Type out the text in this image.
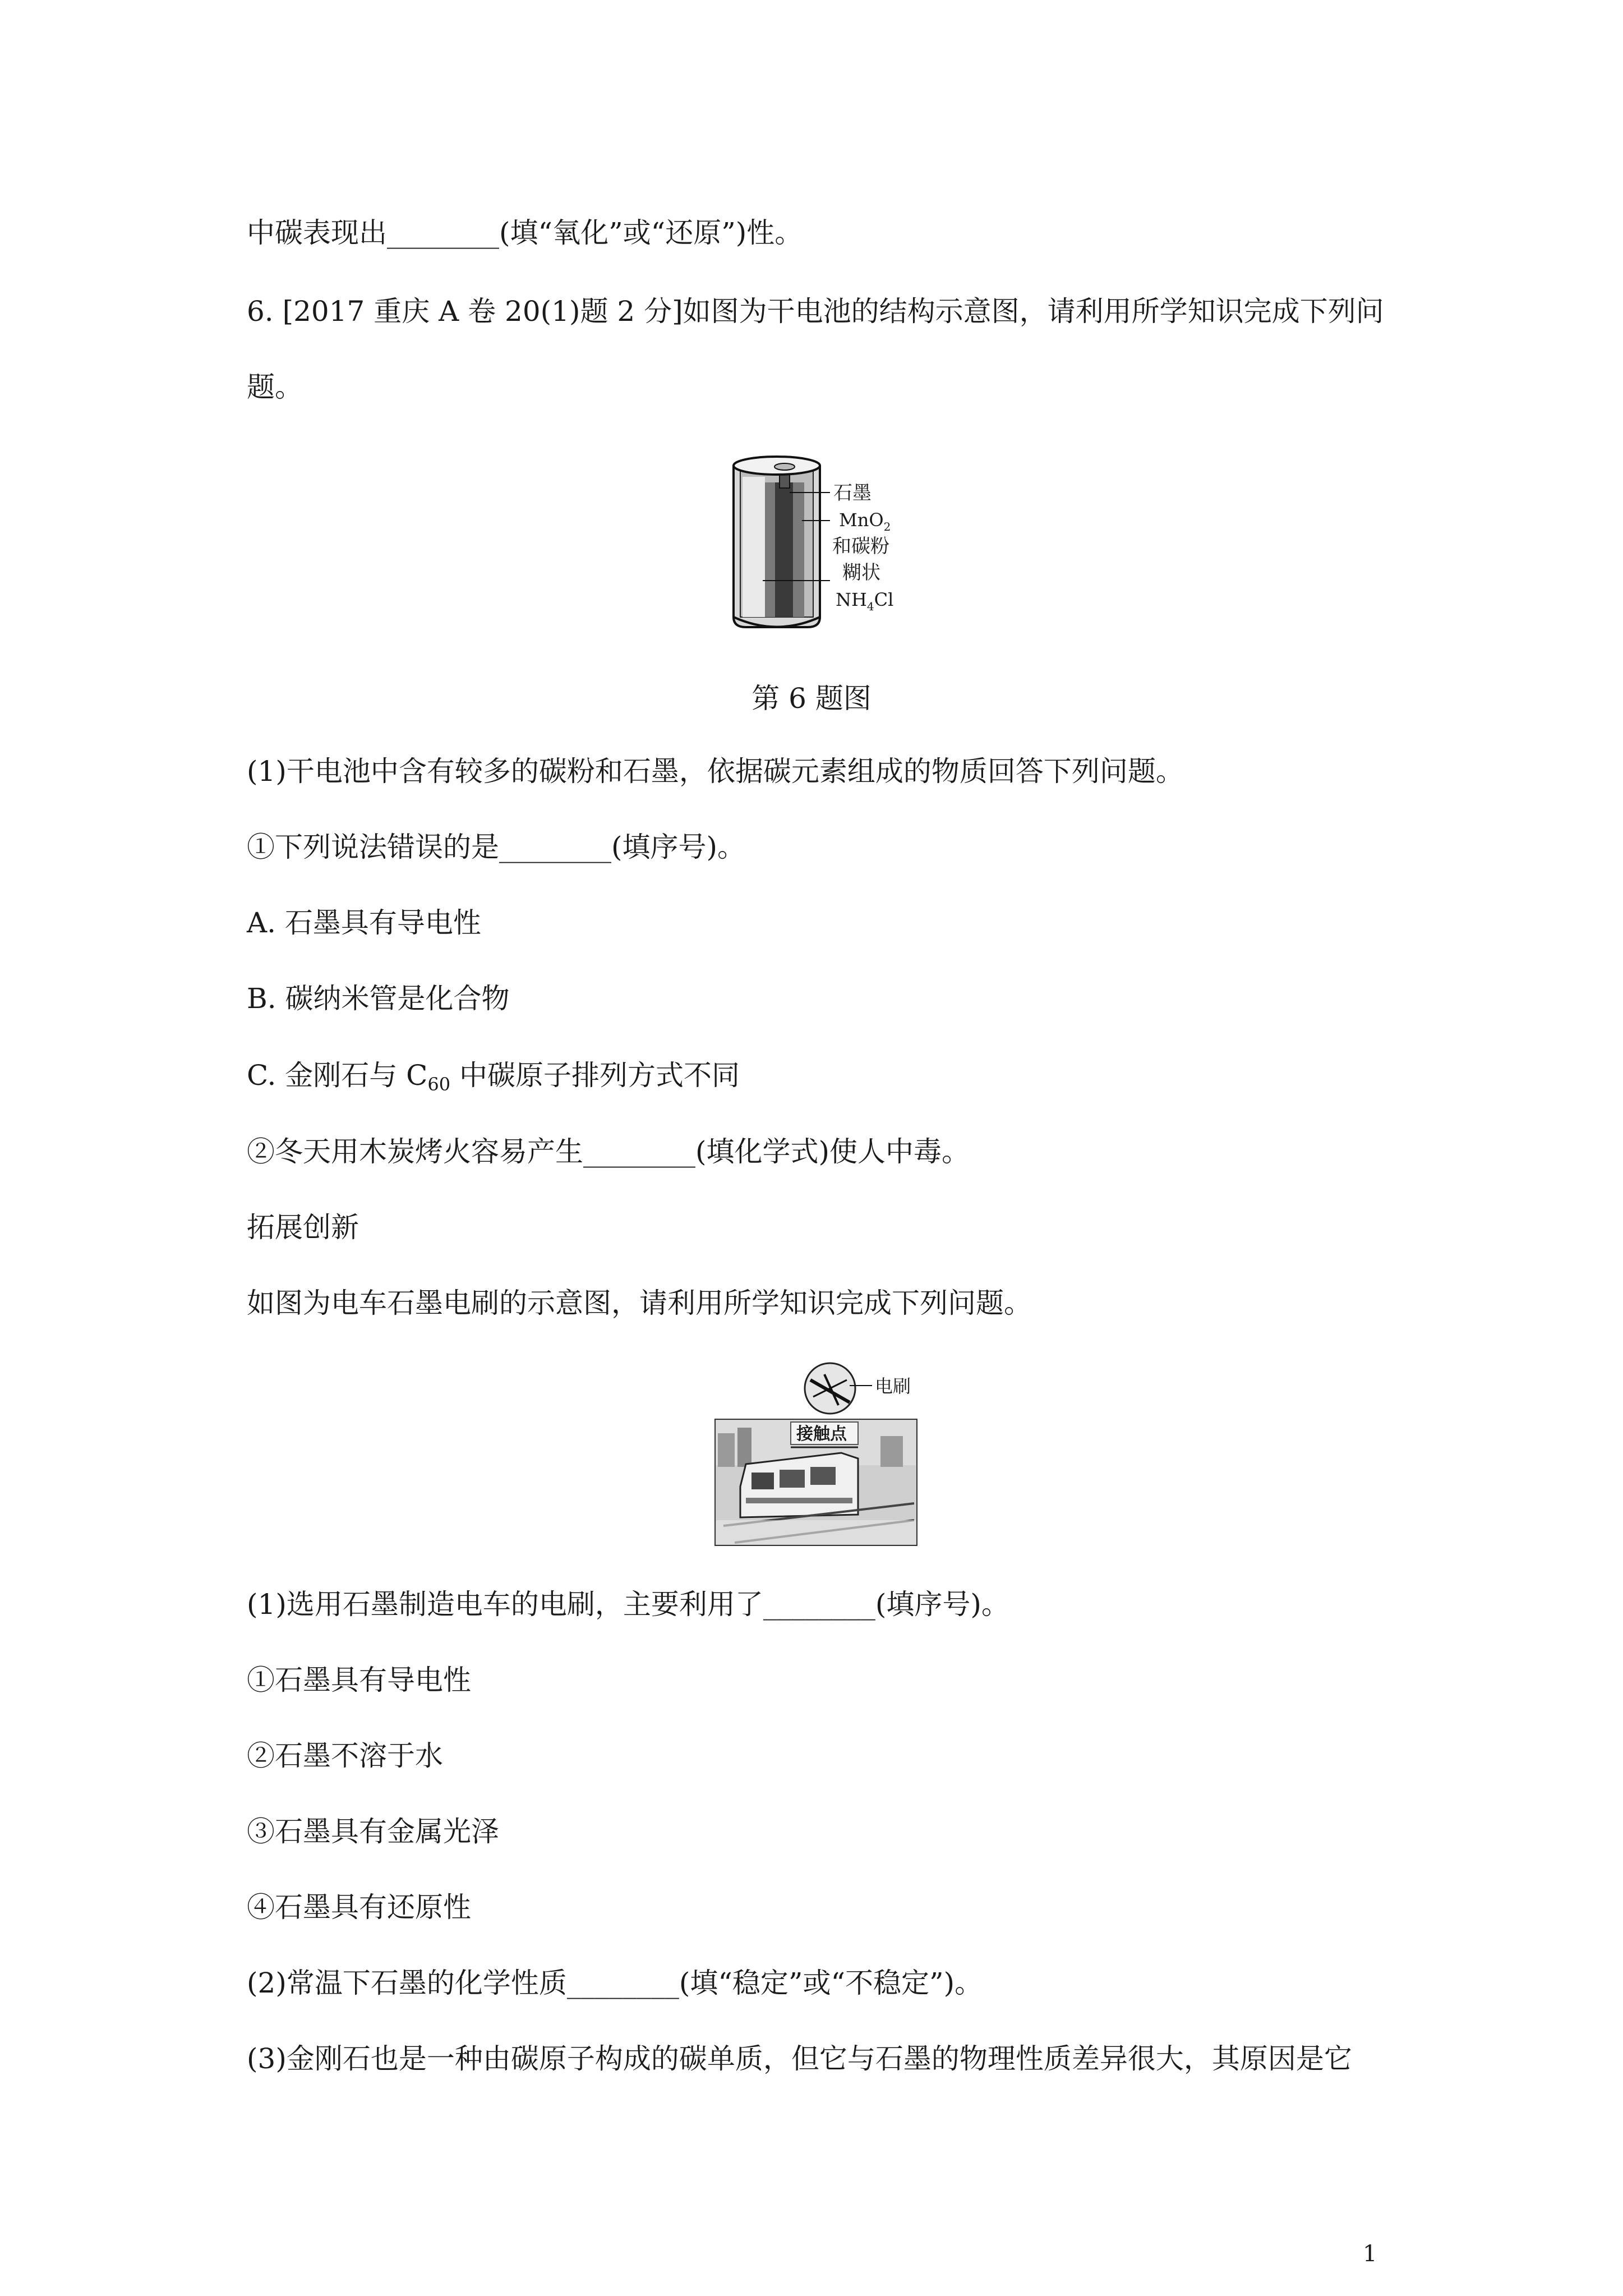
中碳表现出________(填“氧化”或“还原”)性。
6. [2017 重庆 A 卷 20(1)题 2 分]如图为干电池的结构示意图，请利用所学知识完成下列问
题。
石墨
MnO$_2$
和碳粉
糊状
$NH_4Cl$
第 6 题图
(1)干电池中含有较多的碳粉和石墨，依据碳元素组成的物质回答下列问题。
①下列说法错误的是________(填序号)。
A. 石墨具有导电性
B. 碳纳米管是化合物
C. 金刚石与 $C_{60}$ 中碳原子排列方式不同
②冬天用木炭烤火容易产生________(填化学式)使人中毒。
拓展创新
如图为电车石墨电刷的示意图，请利用所学知识完成下列问题。
电刷
接触点
(1)选用石墨制造电车的电刷，主要利用了________(填序号)。
①石墨具有导电性
②石墨不溶于水
③石墨具有金属光泽
④石墨具有还原性
(2)常温下石墨的化学性质________(填“稳定”或“不稳定”)。
(3)金刚石也是一种由碳原子构成的碳单质，但它与石墨的物理性质差异很大，其原因是它
1
